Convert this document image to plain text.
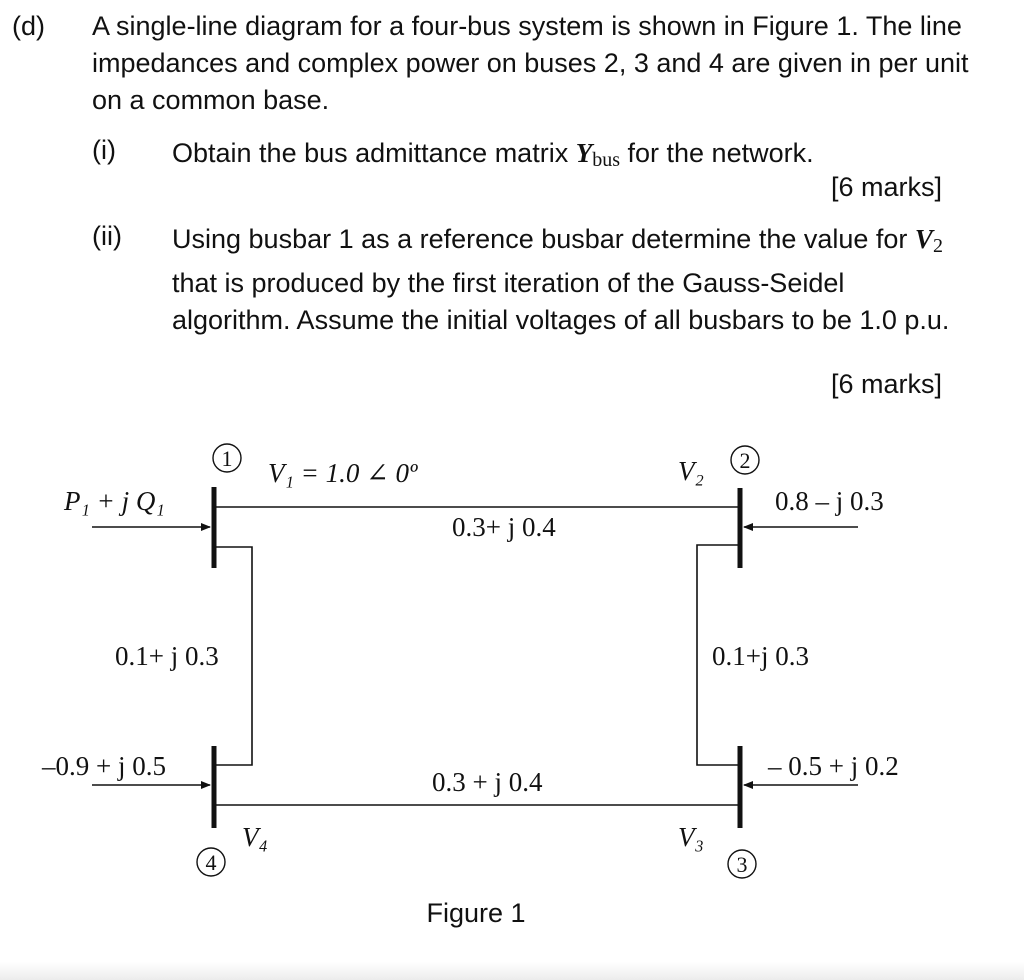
(d) A single-line diagram for a four-bus system is shown in Figure 1. The line impedances and complex power on buses 2, 3 and 4 are given in per unit on a common base.
(i) Obtain the bus admittance matrix Ybus for the network.
[6 marks]
(ii) Using busbar 1 as a reference busbar determine the value for V2 that is produced by the first iteration of the Gauss-Seidel algorithm. Assume the initial voltages of all busbars to be 1.0 p.u.
[6 marks]
1	2
3
4
V₁ = 1.0 ∠ 0º	V₂
V₃
V₄
P₁ + j Q₁	0.8 – j 0.3
– 0.5 + j 0.2
–0.9 + j 0.5
0.3+ j 0.4
0.1+ j 0.3	0.1+j 0.3
0.3 + j 0.4
Figure 1
